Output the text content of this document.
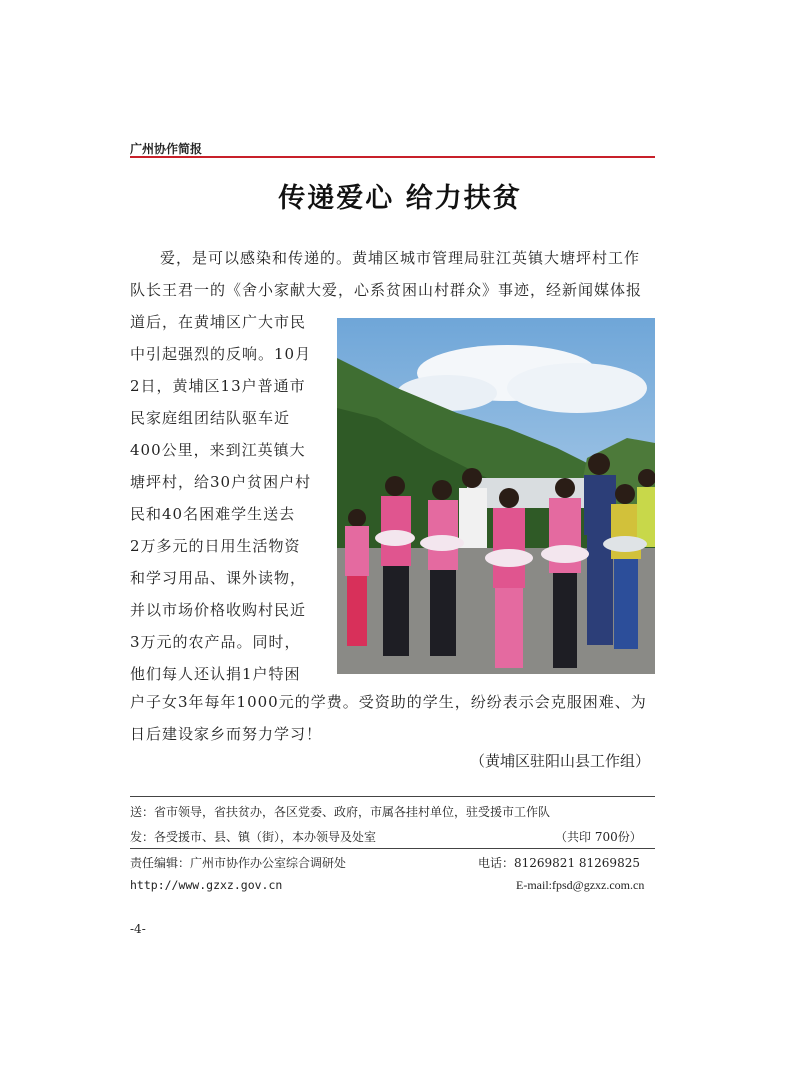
广州协作简报
传递爱心 给力扶贫
爱，是可以感染和传递的。黄埔区城市管理局驻江英镇大塘坪村工作
队长王君一的《舍小家献大爱，心系贫困山村群众》事迹，经新闻媒体报
道后，在黄埔区广大市民
中引起强烈的反响。10月
2日，黄埔区13户普通市
民家庭组团结队驱车近
400公里，来到江英镇大
塘坪村，给30户贫困户村
民和40名困难学生送去
2万多元的日用生活物资
和学习用品、课外读物，
并以市场价格收购村民近
3万元的农产品。同时，
他们每人还认捐1户特困
户子女3年每年1000元的学费。受资助的学生，纷纷表示会克服困难、为
日后建设家乡而努力学习！
（黄埔区驻阳山县工作组）
送：省市领导，省扶贫办，各区党委、政府，市属各挂村单位，驻受援市工作队
发：各受援市、县、镇（街），本办领导及处室	（共印 700份）
责任编辑：广州市协作办公室综合调研处	电话：81269821 81269825
http://www.gzxz.gov.cn	E-mail:fpsd@gzxz.com.cn
-4-
